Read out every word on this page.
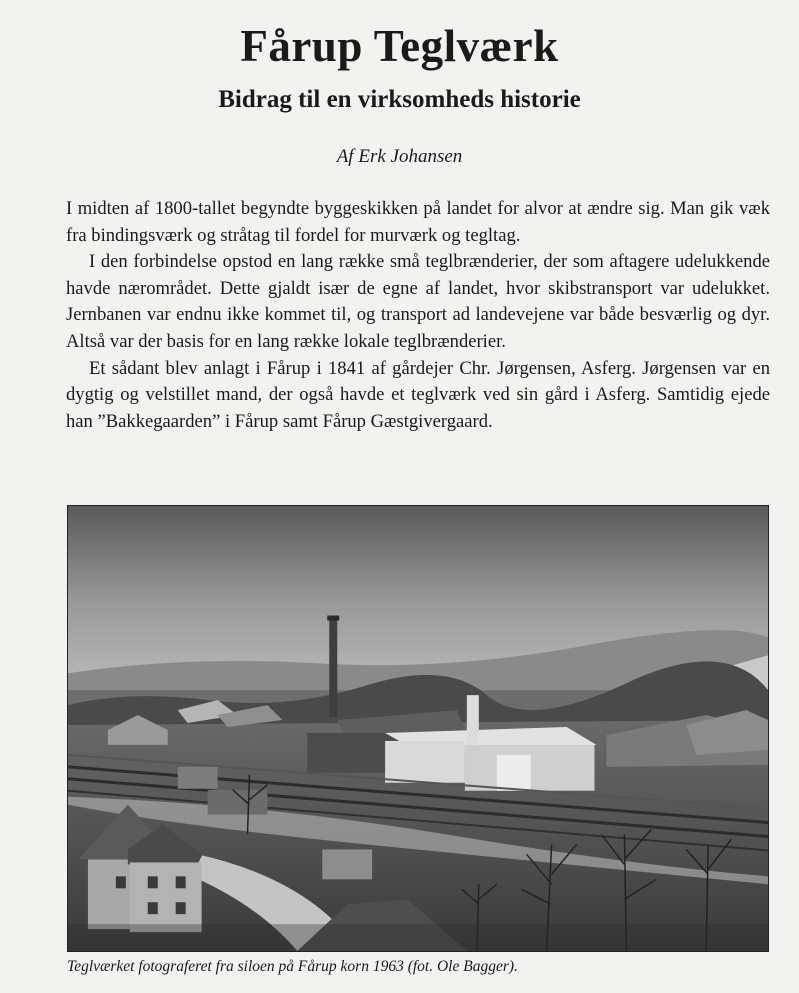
Fårup Teglværk
Bidrag til en virksomheds historie

Af Erk Johansen

I midten af 1800-tallet begyndte byggeskikken på landet for alvor at ændre sig. Man gik væk fra bindingsværk og stråtag til fordel for murværk og tegltag.

I den forbindelse opstod en lang række små teglbrænderier, der som aftagere udelukkende havde nærområdet. Dette gjaldt især de egne af landet, hvor skibstransport var udelukket. Jernbanen var endnu ikke kommet til, og transport ad landevejene var både besværlig og dyr. Altså var der basis for en lang række lokale teglbrænderier.

Et sådant blev anlagt i Fårup i 1841 af gårdejer Chr. Jørgensen, Asferg. Jørgensen var en dygtig og velstillet mand, der også havde et teglværk ved sin gård i Asferg. Samtidig ejede han ”Bakkegaarden” i Fårup samt Fårup Gæstgivergaard.

Teglværket fotograferet fra siloen på Fårup korn 1963 (fot. Ole Bagger).
